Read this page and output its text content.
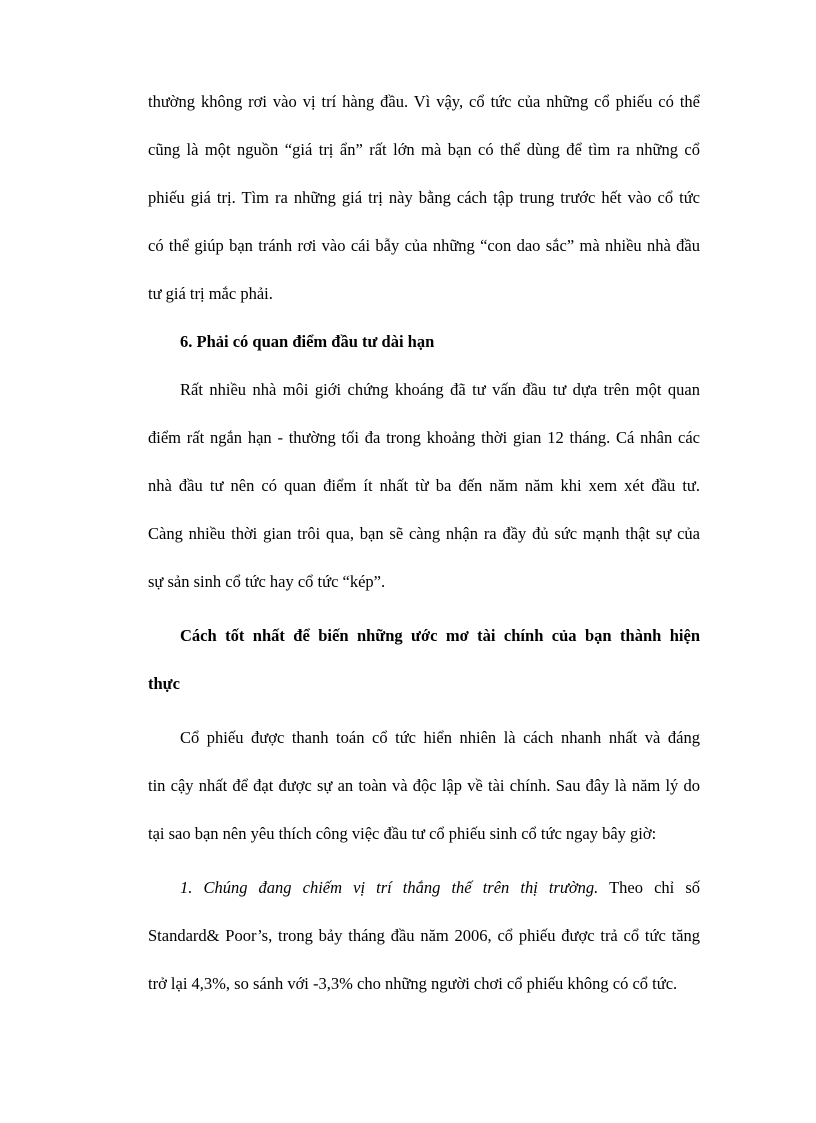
thường không rơi vào vị trí hàng đầu. Vì vậy, cổ tức của những cổ phiếu có thể
cũng là một nguồn “giá trị ẩn” rất lớn mà bạn có thể dùng để tìm ra những cổ
phiếu giá trị. Tìm ra những giá trị này bằng cách tập trung trước hết vào cổ tức
có thể giúp bạn tránh rơi vào cái bẫy của những “con dao sắc” mà nhiều nhà đầu
tư giá trị mắc phải.
6. Phải có quan điểm đầu tư dài hạn
Rất nhiều nhà môi giới chứng khoáng đã tư vấn đầu tư dựa trên một quan
điểm rất ngắn hạn - thường tối đa trong khoảng thời gian 12 tháng. Cá nhân các
nhà đầu tư nên có quan điểm ít nhất từ ba đến năm năm khi xem xét đầu tư.
Càng nhiều thời gian trôi qua, bạn sẽ càng nhận ra đầy đủ sức mạnh thật sự của
sự sản sinh cổ tức hay cổ tức “kép”.
Cách tốt nhất để biến những ước mơ tài chính của bạn thành hiện
thực
Cổ phiếu được thanh toán cổ tức hiển nhiên là cách nhanh nhất và đáng
tin cậy nhất để đạt được sự an toàn và độc lập về tài chính. Sau đây là năm lý do
tại sao bạn nên yêu thích công việc đầu tư cổ phiếu sinh cổ tức ngay bây giờ:
1. Chúng đang chiếm vị trí thắng thế trên thị trường. Theo chỉ số
Standard& Poor’s, trong bảy tháng đầu năm 2006, cổ phiếu được trả cổ tức tăng
trở lại 4,3%, so sánh với -3,3% cho những người chơi cổ phiếu không có cổ tức.
